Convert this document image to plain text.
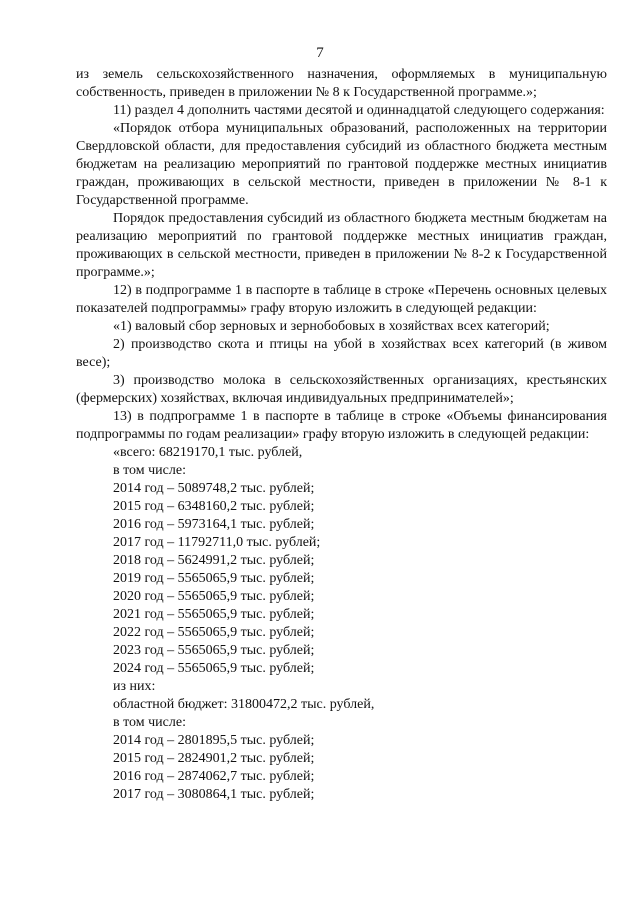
7

из земель сельскохозяйственного назначения, оформляемых в муниципальную собственность, приведен в приложении № 8 к Государственной программе.»;

11) раздел 4 дополнить частями десятой и одиннадцатой следующего содержания:

«Порядок отбора муниципальных образований, расположенных на территории Свердловской области, для предоставления субсидий из областного бюджета местным бюджетам на реализацию мероприятий по грантовой поддержке местных инициатив граждан, проживающих в сельской местности, приведен в приложении № 8-1 к Государственной программе.

Порядок предоставления субсидий из областного бюджета местным бюджетам на реализацию мероприятий по грантовой поддержке местных инициатив граждан, проживающих в сельской местности, приведен в приложении № 8-2 к Государственной программе.»;

12) в подпрограмме 1 в паспорте в таблице в строке «Перечень основных целевых показателей подпрограммы» графу вторую изложить в следующей редакции:

«1) валовый сбор зерновых и зернобобовых в хозяйствах всех категорий;

2) производство скота и птицы на убой в хозяйствах всех категорий (в живом весе);

3) производство молока в сельскохозяйственных организациях, крестьянских (фермерских) хозяйствах, включая индивидуальных предпринимателей»;

13) в подпрограмме 1 в паспорте в таблице в строке «Объемы финансирования подпрограммы по годам реализации» графу вторую изложить в следующей редакции:

«всего: 68219170,1 тыс. рублей,
в том числе:
2014 год – 5089748,2 тыс. рублей;
2015 год – 6348160,2 тыс. рублей;
2016 год – 5973164,1 тыс. рублей;
2017 год – 11792711,0 тыс. рублей;
2018 год – 5624991,2 тыс. рублей;
2019 год – 5565065,9 тыс. рублей;
2020 год – 5565065,9 тыс. рублей;
2021 год – 5565065,9 тыс. рублей;
2022 год – 5565065,9 тыс. рублей;
2023 год – 5565065,9 тыс. рублей;
2024 год – 5565065,9 тыс. рублей;
из них:
областной бюджет: 31800472,2 тыс. рублей,
в том числе:
2014 год – 2801895,5 тыс. рублей;
2015 год – 2824901,2 тыс. рублей;
2016 год – 2874062,7 тыс. рублей;
2017 год – 3080864,1 тыс. рублей;
